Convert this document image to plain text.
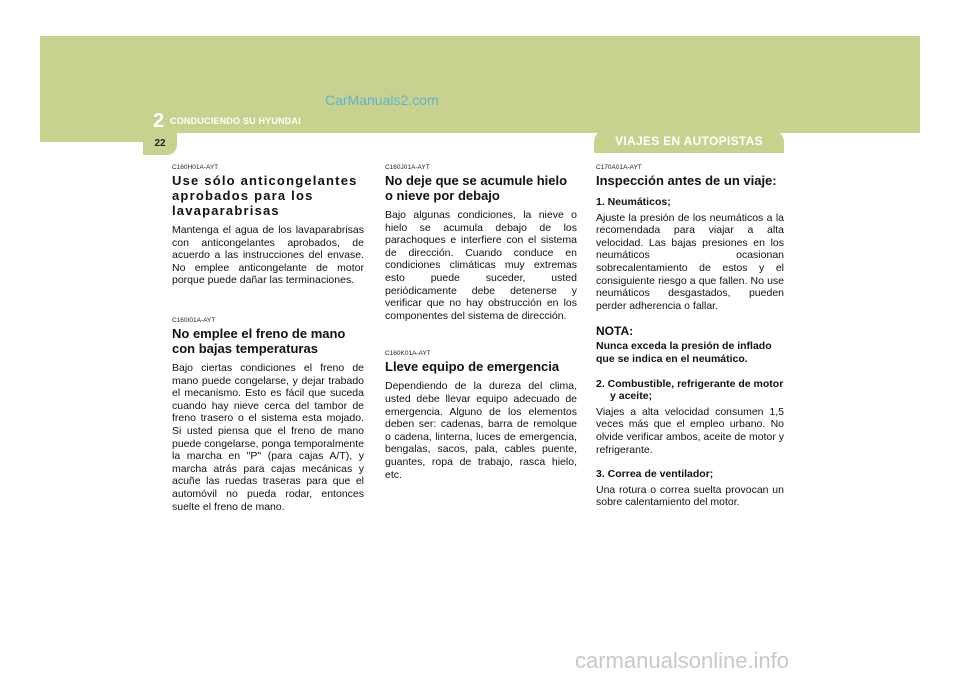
2 CONDUCIENDO SU HYUNDAI
CarManuals2.com
22	VIAJES EN AUTOPISTAS
C160H01A-AYT
Use sólo anticongelantes aprobados para los lavaparabrisas

Mantenga el agua de los lavaparabrisas con anticongelantes aprobados, de acuerdo a las instrucciones del envase. No emplee anticongelante de motor porque puede dañar las terminaciones.

C160I01A-AYT
No emplee el freno de mano con bajas temperaturas

Bajo ciertas condiciones el freno de mano puede congelarse, y dejar trabado el mecanismo. Esto es fácil que suceda cuando hay nieve cerca del tambor de freno trasero o el sistema esta mojado. Si usted piensa que el freno de mano puede congelarse, ponga temporalmente la marcha en "P" (para cajas A/T), y marcha atrás para cajas mecánicas y acuñe las ruedas traseras para que el automóvil no pueda rodar, entonces suelte el freno de mano.

C160J01A-AYT
No deje que se acumule hielo o nieve por debajo

Bajo algunas condiciones, la nieve o hielo se acumula debajo de los parachoques e interfiere con el sistema de dirección. Cuando conduce en condiciones climáticas muy extremas esto puede suceder, usted periódicamente debe detenerse y verificar que no hay obstrucción en los componentes del sistema de dirección.

C160K01A-AYT
Lleve equipo de emergencia

Dependiendo de la dureza del clima, usted debe llevar equipo adecuado de emergencia. Alguno de los elementos deben ser: cadenas, barra de remolque o cadena, linterna, luces de emergencia, bengalas, sacos, pala, cables puente, guantes, ropa de trabajo, rasca hielo, etc.

C170A01A-AYT
Inspección antes de un viaje:
1. Neumáticos;

Ajuste la presión de los neumáticos a la recomendada para viajar a alta velocidad. Las bajas presiones en los neumáticos ocasionan sobrecalentamiento de estos y el consiguiente riesgo a que fallen. No use neumáticos desgastados, pueden perder adherencia o fallar.

NOTA:

Nunca exceda la presión de inflado que se indica en el neumático.

2. Combustible, refrigerante de motor y aceite;

Viajes a alta velocidad consumen 1,5 veces más que el empleo urbano. No olvide verificar ambos, aceite de motor y refrigerante.

3. Correa de ventilador;

Una rotura o correa suelta provocan un sobre calentamiento del motor.

carmanualsonline.info
